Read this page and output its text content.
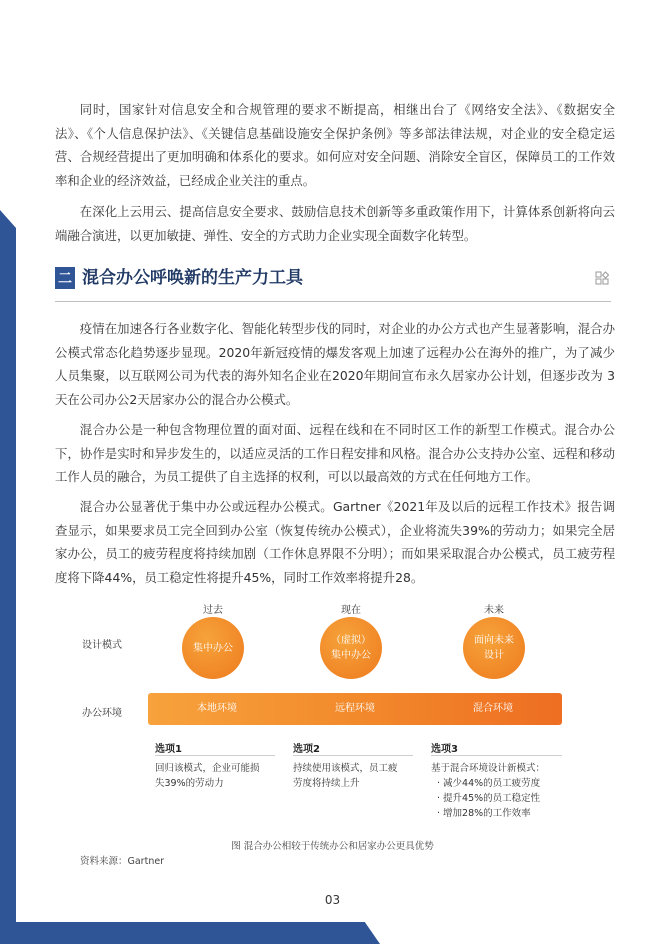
同时，国家针对信息安全和合规管理的要求不断提高，相继出台了《网络安全法》、《数据安全法》、《个人信息保护法》、《关键信息基础设施安全保护条例》等多部法律法规，对企业的安全稳定运营、合规经营提出了更加明确和体系化的要求。如何应对安全问题、消除安全盲区，保障员工的工作效率和企业的经济效益，已经成企业关注的重点。

在深化上云用云、提高信息安全要求、鼓励信息技术创新等多重政策作用下，计算体系创新将向云端融合演进，以更加敏捷、弹性、安全的方式助力企业实现全面数字化转型。

二 混合办公呼唤新的生产力工具

疫情在加速各行各业数字化、智能化转型步伐的同时，对企业的办公方式也产生显著影响，混合办公模式常态化趋势逐步显现。2020年新冠疫情的爆发客观上加速了远程办公在海外的推广，为了减少人员集聚，以互联网公司为代表的海外知名企业在2020年期间宣布永久居家办公计划，但逐步改为 3 天在公司办公2天居家办公的混合办公模式。

混合办公是一种包含物理位置的面对面、远程在线和在不同时区工作的新型工作模式。混合办公下，协作是实时和异步发生的，以适应灵活的工作日程安排和风格。混合办公支持办公室、远程和移动工作人员的融合，为员工提供了自主选择的权利，可以以最高效的方式在任何地方工作。

混合办公显著优于集中办公或远程办公模式。Gartner《2021年及以后的远程工作技术》报告调查显示，如果要求员工完全回到办公室（恢复传统办公模式），企业将流失39%的劳动力；如果完全居家办公，员工的疲劳程度将持续加剧（工作休息界限不分明）；而如果采取混合办公模式，员工疲劳程度将下降44%，员工稳定性将提升45%，同时工作效率将提升28。

设计模式
办公环境
过去	现在	未来
集中办公
（虚拟）
集中办公
面向未来
设计
本地环境	远程环境	混合环境
选项1
回归该模式，企业可能损
失39%的劳动力
选项2
持续使用该模式，员工疲
劳度将持续上升
选项3
基于混合环境设计新模式：
· 减少44%的员工疲劳度
· 提升45%的员工稳定性
· 增加28%的工作效率
图 混合办公相较于传统办公和居家办公更具优势
资料来源：Gartner
03
